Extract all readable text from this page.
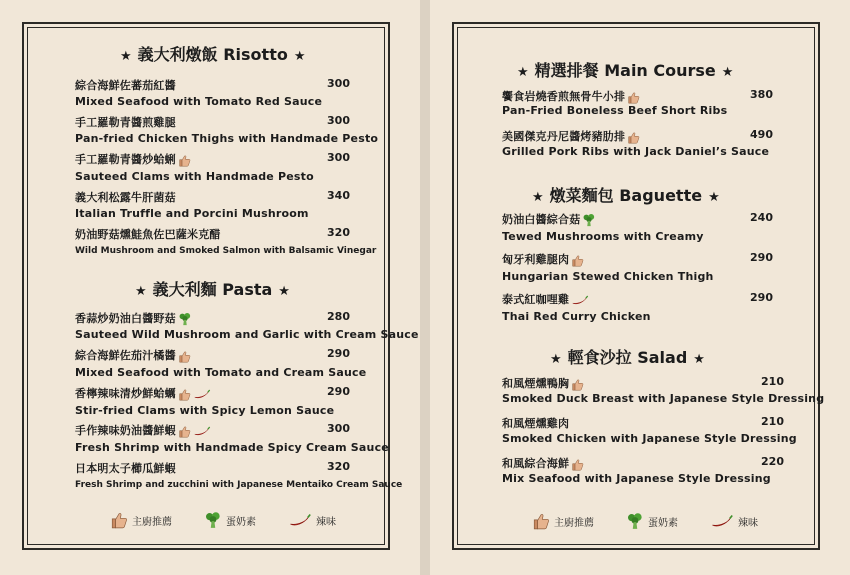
★ 義大利燉飯 Risotto ★
綜合海鮮佐蕃茄紅醬	300
Mixed Seafood with Tomato Red Sauce
手工羅勒青醬煎雞腿	300
Pan-fried Chicken Thighs with Handmade Pesto
手工羅勒青醬炒蛤蜊	300
Sauteed Clams with Handmade Pesto
義大利松露牛肝菌菇	340
Italian Truffle and Porcini Mushroom
奶油野菇燻鮭魚佐巴薩米克醋	320
Wild Mushroom and Smoked Salmon with Balsamic Vinegar
★ 義大利麵 Pasta ★
香蒜炒奶油白醬野菇	280
Sauteed Wild Mushroom and Garlic with Cream Sauce
綜合海鮮佐茄汁橘醬	290
Mixed Seafood with Tomato and Cream Sauce
香檸辣味清炒鮮蛤蠣	290
Stir-fried Clams with Spicy Lemon Sauce
手作辣味奶油醬鮮蝦	300
Fresh Shrimp with Handmade Spicy Cream Sauce
日本明太子櫛瓜鮮蝦	320
Fresh Shrimp and zucchini with Japanese Mentaiko Cream Sauce
主廚推薦	蛋奶素	辣味
★ 精選排餐 Main Course ★
饗食岩燒香煎無骨牛小排	380
Pan-Fried Boneless Beef Short Ribs
美國傑克丹尼醬烤豬肋排	490
Grilled Pork Ribs with Jack Daniel’s Sauce
★ 燉菜麵包 Baguette ★
奶油白醬綜合菇	240
Tewed Mushrooms with Creamy
匈牙利雞腿肉	290
Hungarian Stewed Chicken Thigh
泰式紅咖哩雞	290
Thai Red Curry Chicken
★ 輕食沙拉 Salad ★
和風煙燻鴨胸	210
Smoked Duck Breast with Japanese Style Dressing
和風煙燻雞肉	210
Smoked Chicken with Japanese Style Dressing
和風綜合海鮮	220
Mix Seafood with Japanese Style Dressing
主廚推薦	蛋奶素	辣味
